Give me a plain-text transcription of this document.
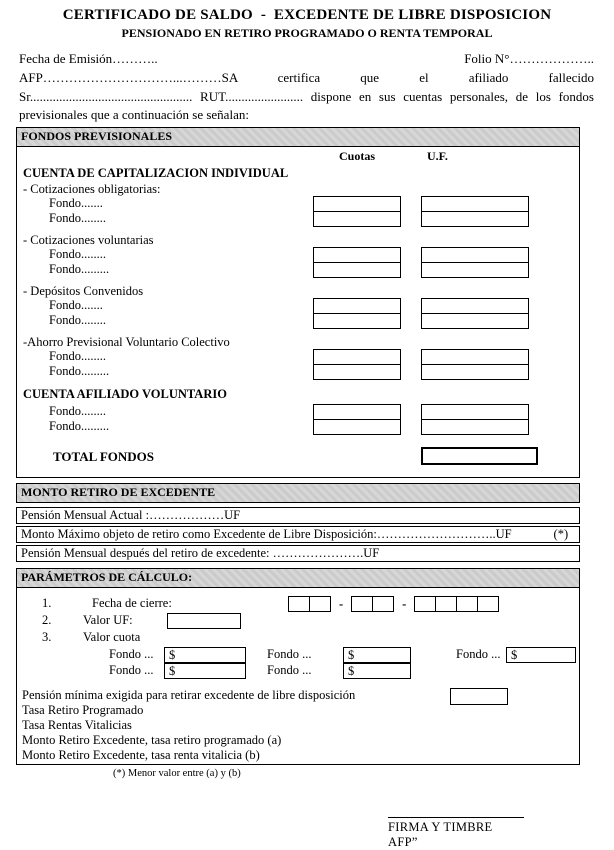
CERTIFICADO DE SALDO  -  EXCEDENTE DE LIBRE DISPOSICION
PENSIONADO EN RETIRO PROGRAMADO O RENTA TEMPORAL
Fecha de Emisión………..	Folio N°………………..
AFP…………………………...………SA certifica que el afiliado fallecido
Sr.................................................. RUT........................ dispone en sus cuentas personales, de los fondos
previsionales que a continuación se señalan:
FONDOS PREVISIONALES
Cuotas	U.F.
CUENTA DE CAPITALIZACION INDIVIDUAL
- Cotizaciones obligatorias:
Fondo.......
Fondo........
- Cotizaciones voluntarias
Fondo........
Fondo.........
- Depósitos Convenidos
Fondo.......
Fondo........
-Ahorro Previsional Voluntario Colectivo
Fondo........
Fondo.........
CUENTA AFILIADO VOLUNTARIO
Fondo........
Fondo.........
TOTAL FONDOS
MONTO RETIRO DE EXCEDENTE
Pensión Mensual Actual :………………UF
Monto Máximo objeto de retiro como Excedente de Libre Disposición:………………………..UF	(*)
Pensión Mensual después del retiro de excedente: ………………….UF
PARÁMETROS DE CÁLCULO:
1.	Fecha de cierre:	-	-
2.	Valor UF:
3.	Valor cuota
Fondo ...	$	Fondo ...	$	Fondo ... $
Fondo ...	$	Fondo ...	$
Pensión mínima exigida para retirar excedente de libre disposición
Tasa Retiro Programado
Tasa Rentas Vitalicias
Monto Retiro Excedente, tasa retiro programado (a)
Monto Retiro Excedente, tasa renta vitalicia (b)
(*) Menor valor entre (a) y (b)
FIRMA Y TIMBRE AFP”
